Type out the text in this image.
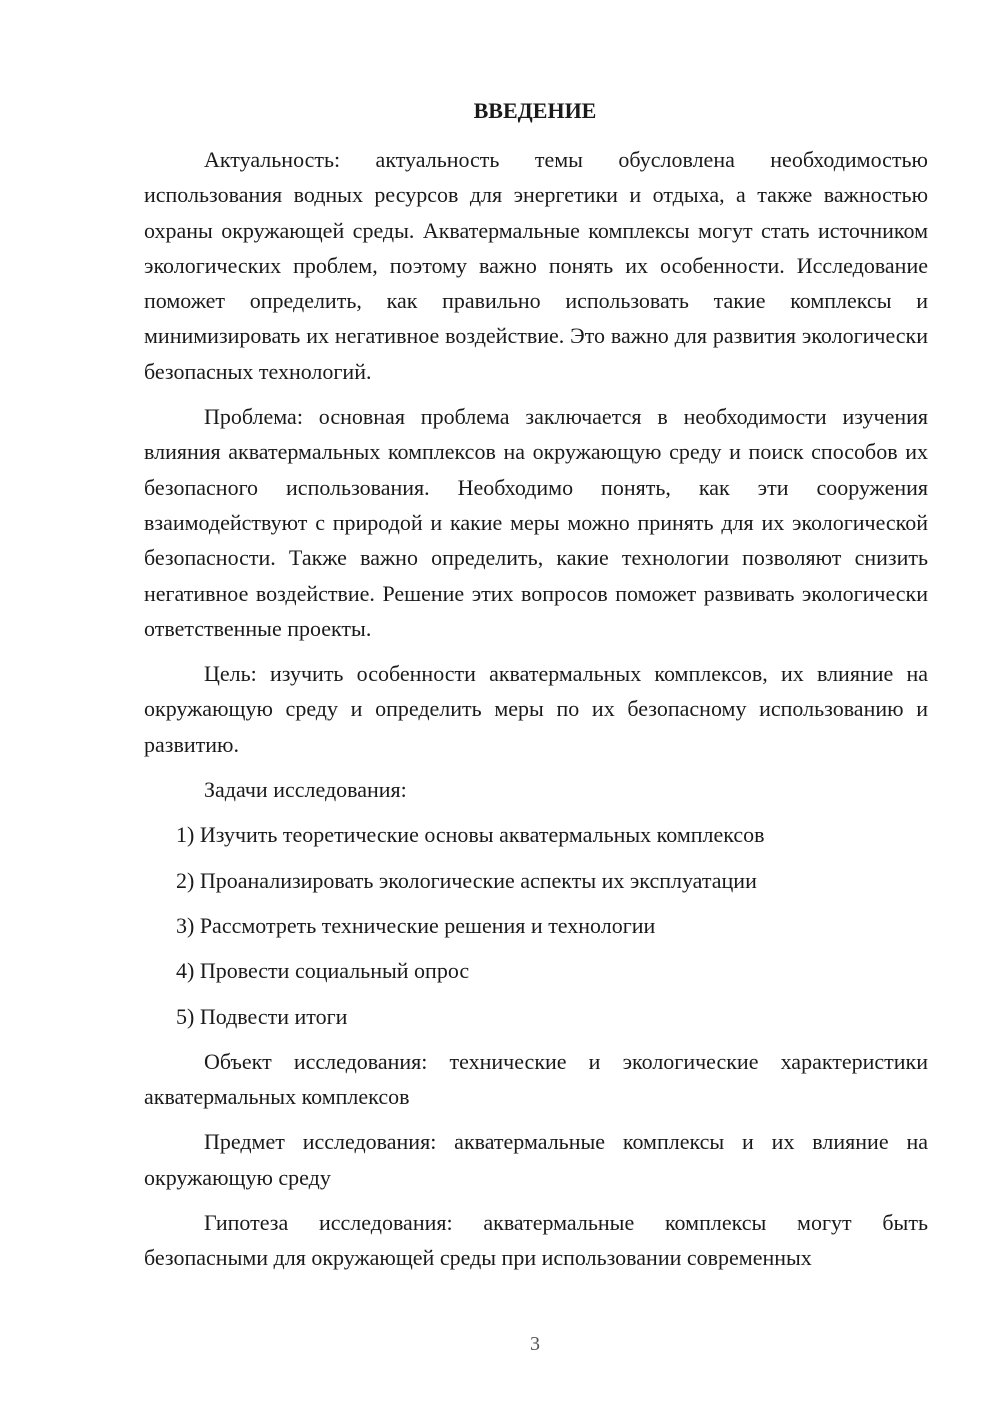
ВВЕДЕНИЕ

Актуальность: актуальность темы обусловлена необходимостью использования водных ресурсов для энергетики и отдыха, а также важностью охраны окружающей среды. Акватермальные комплексы могут стать источником экологических проблем, поэтому важно понять их особенности. Исследование поможет определить, как правильно использовать такие комплексы и минимизировать их негативное воздействие. Это важно для развития экологически безопасных технологий.

Проблема: основная проблема заключается в необходимости изучения влияния акватермальных комплексов на окружающую среду и поиск способов их безопасного использования. Необходимо понять, как эти сооружения взаимодействуют с природой и какие меры можно принять для их экологической безопасности. Также важно определить, какие технологии позволяют снизить негативное воздействие. Решение этих вопросов поможет развивать экологически ответственные проекты.

Цель: изучить особенности акватермальных комплексов, их влияние на окружающую среду и определить меры по их безопасному использованию и развитию.

Задачи исследования:

1) Изучить теоретические основы акватермальных комплексов
2) Проанализировать экологические аспекты их эксплуатации
3) Рассмотреть технические решения и технологии
4) Провести социальный опрос
5) Подвести итоги

Объект исследования: технические и экологические характеристики акватермальных комплексов

Предмет исследования: акватермальные комплексы и их влияние на окружающую среду

Гипотеза исследования: акватермальные комплексы могут быть безопасными для окружающей среды при использовании современных

3
